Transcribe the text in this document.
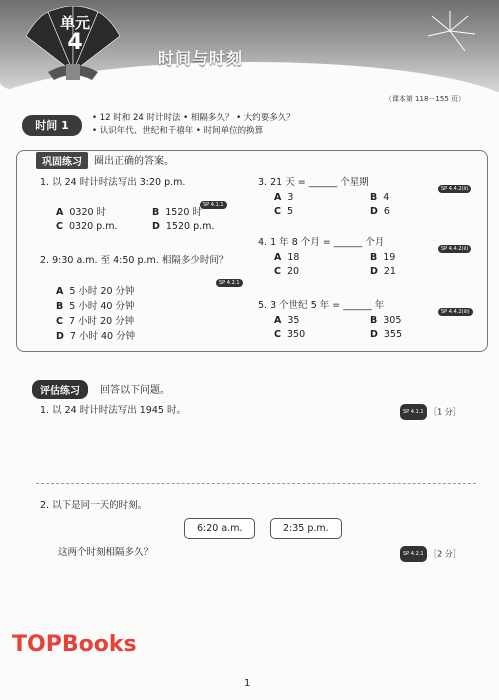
单元
4
时间与时刻
（课本第 118－155 页）
时间 1
• 12 时和 24 时计时法 • 相隔多久？ • 大约要多久？
• 认识年代、世纪和千禧年 • 时间单位的换算
巩固练习	圈出正确的答案。
1. 以 24 时计时法写出 3:20 p.m.
SP 4.1.1
A 0320 时	B 1520 时
C 0320 p.m.	D 1520 p.m.
2. 9:30 a.m. 至 4:50 p.m. 相隔多少时间？
SP 4.2.1
A 5 小时 20 分钟
B 5 小时 40 分钟
C 7 小时 20 分钟
D 7 小时 40 分钟
3. 21 天 = ______ 个星期
SP 4.4.2(ii)
A 3	B 4
C 5	D 6
4. 1 年 8 个月 = ______ 个月
SP 4.4.2(ii)
A 18	B 19
C 20	D 21
5. 3 个世纪 5 年 = ______ 年
SP 4.4.2(iii)
A 35	B 305
C 350	D 355
评估练习	回答以下问题。
1. 以 24 时计时法写出 1945 时。	SP 4.1.1 ［1 分］
2. 以下是同一天的时刻。
6:20 a.m.	2:35 p.m.
这两个时刻相隔多久？	SP 4.2.1 ［2 分］
TOPBooks
1
